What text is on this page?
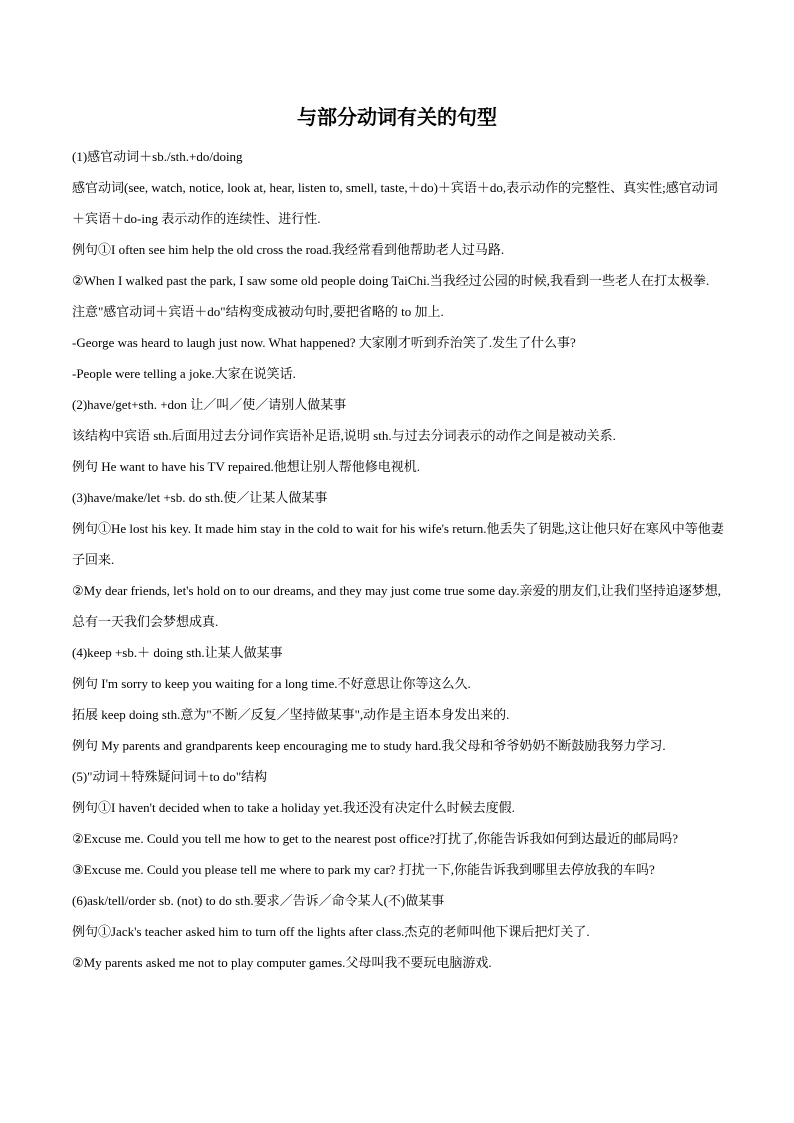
与部分动词有关的句型

(1)感官动词＋sb./sth.+do/doing

感官动词(see, watch, notice, look at, hear, listen to, smell, taste,＋do)＋宾语＋do,表示动作的完整性、真实性;感官动词＋宾语＋do-ing 表示动作的连续性、进行性.

例句①I often see him help the old cross the road.我经常看到他帮助老人过马路.

②When I walked past the park, I saw some old people doing TaiChi.当我经过公园的时候,我看到一些老人在打太极拳.

注意"感官动词＋宾语＋do"结构变成被动句时,要把省略的 to 加上.

-George was heard to laugh just now. What happened? 大家刚才听到乔治笑了.发生了什么事?

-People were telling a joke.大家在说笑话.

(2)have/get+sth. +don 让／叫／使／请别人做某事

该结构中宾语 sth.后面用过去分词作宾语补足语,说明 sth.与过去分词表示的动作之间是被动关系.

例句 He want to have his TV repaired.他想让别人帮他修电视机.

(3)have/make/let +sb. do sth.使／让某人做某事

例句①He lost his key. It made him stay in the cold to wait for his wife's return.他丢失了钥匙,这让他只好在寒风中等他妻子回来.

②My dear friends, let's hold on to our dreams, and they may just come true some day.亲爱的朋友们,让我们坚持追逐梦想,总有一天我们会梦想成真.

(4)keep +sb.＋ doing sth.让某人做某事

例句 I'm sorry to keep you waiting for a long time.不好意思让你等这么久.

拓展 keep doing sth.意为"不断／反复／坚持做某事",动作是主语本身发出来的.

例句 My parents and grandparents keep encouraging me to study hard.我父母和爷爷奶奶不断鼓励我努力学习.

(5)"动词＋特殊疑问词＋to do"结构

例句①I haven't decided when to take a holiday yet.我还没有决定什么时候去度假.

②Excuse me. Could you tell me how to get to the nearest post office?打扰了,你能告诉我如何到达最近的邮局吗?

③Excuse me. Could you please tell me where to park my car? 打扰一下,你能告诉我到哪里去停放我的车吗?

(6)ask/tell/order sb. (not) to do sth.要求／告诉／命令某人(不)做某事

例句①Jack's teacher asked him to turn off the lights after class.杰克的老师叫他下课后把灯关了.

②My parents asked me not to play computer games.父母叫我不要玩电脑游戏.
